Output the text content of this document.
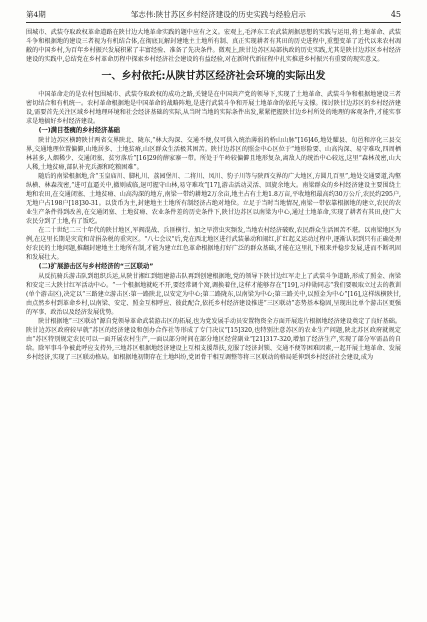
第4期	邹志伟:陕甘苏区乡村经济建设的历史实践与经验启示	45

围城市、武装夺取政权革命道路在陕甘边大地革命实践的题中应有之义。宏观上,毛泽东工农武装割据思想的实践与运用,将土地革命、武装斗争和根据地的建设三者视为有机结合体,在彻底瓦解封建地主土地所有制、真正实现耕者有其田的历史进程中,重塑变革了近代以来农村凋敝的中国乡村,为百年乡村振兴发展积累了丰富经验、准备了先决条件。微观上,陕甘边苏区局部执政的历史实践,尤其是陕甘边苏区乡村经济建设的实践中,总结党在乡村革命历程中探索乡村经济社会建设的有益经验,对在新时代新征程中扎实推进乡村振兴有重要的现实意义。

一、乡村依托:从陕甘苏区经济社会环境的实际出发

中国革命走的是农村包围城市、武装夺取政权的成功之路,关键是在中国共产党的领导下,实现了土地革命、武装斗争和根据地建设三者密切结合和有机统一。农村革命根据地是中国革命的战略阵地,是进行武装斗争和开展土地革命的依托与支撑。探讨陕甘边苏区的乡村经济建设,需要首先关注区域乡村地理环境和社会经济基础的实际,从当时当地的实际条件出发,紧紧把握陕甘边乡村所处的地理的客观条件,才能实事求是地搞好乡村经济建设。

(一)满目苍痍的乡村经济基础

陕甘边苏区横跨陕甘两省交界陕北、陇东,“林大沟深、交通不便,仅可供入统治薄弱的桥山山脉”[16]46,地处耀县、旬邑和淳化三县交界,交通地理位置偏僻,山地居多、土地贫瘠,山区群众生活极其困苦。陕甘边苏区的照金中心区位于“地形险要、山高沟深、易守难攻,四周栖林甚多,人烟稀少、交通闭塞、贫穷落后”[16]29的薛家寨一带。所处于午岭较偏僻且地形复杂,离敌人的统治中心较远,这里“森林茂密,山大人稀,土地贫瘠,部队补充兵源和吃粮困难”。

随后的南梁根据地,含“玉皇庙川、脚札川、荔园堡川、二将川、凤川、豹子川等与陕西交界的广大地区,方圆几百里”,地处交通要道,沟壑纵横、林森茂密,“进可直逼关中,撤则威临,退可握守山林,易守难攻”[17],游击活动灵活、回旋余地大。南梁群众的乡村经济建设主要围绕土地和农田,在交通闭塞、土地贫瘠、山高沟深的地方,南梁一带约耕地2万余亩,地主占有土地1.8万亩,平收地租最高约30万公斤,农民约295户,无地户占198户[18]30-31。以货币为主,封建地主土地所有制经济占绝对地位。立足于当时当地情况,南梁一带依靠根据地的建立,农民的农业生产条件得到改善,在交通闭塞、土地贫瘠、农业条件差的历史条件下,陕甘边苏区以南梁为中心,通过土地革命,实现了耕者有其田,使广大农民分到了土地,有了饭吃。

在二十世纪二三十年代的陕甘地区,军阀混战、兵匪横行、加之旱涝虫灾频发,当地农村经济破败,农民群众生活困苦不堪。以南梁地区为例,在这里长期是灾荒和苛捐杂税的重灾区。"八七会议"后,党在西北地区进行武装暴动和闹红,扩红起义运动过程中,逐渐认识到只有正确处理好农民的土地问题,推翻封建地主土地所有制,才能为建立红色革命根据地打好广泛的群众基础,才能在这里扎下根来并稳步发展,进而不断巩固和发展壮大。

(二)扩展游击区与乡村经济的“三区联动”

从反抗骑兵游击队到组织兵运,从陕甘湘红到组建游击队再到创建根据地,党的领导下陕甘边红军走上了武装斗争道路,形成了照金、南梁和安定三大陕甘红军活动中心。“一个根据地就屹不开,要经常调个窝,调换着住,这样才能够存在”[19],习仲勋同志“我们要吸取立过去的教训(单个游击区),决定以“三路建立游击区:第一路陕北,以安定为中心;第二路陇东,以南梁为中心;第三路关中,以照金为中心”[16],这样纵横陕甘,由点然乡村到革命乡村,以南梁、安定、照金互相呼应、彼此配合,依托乡村经济建设推进“三区联动”态势基本稳固,呈现出比单个游击区更强的军事、政治以及经济发展优势。

陕甘根据地“三区联动”源自党领导革命武装游击区的拓展,也为党发展手动员安置物资全方面开展连片根据地经济建设奠定了良好基础。陕甘边苏区政府较早就“苏区的经济建设和创办合作社等形成了专门决议”[15]320,也特别注意苏区的农业生产问题,陕北苏区政府就规定由“苏区特别规定农民可以一面开展农村生产,一面以部分时间在部分地区经营副业”[21]317-320,增加了经济生产,实现了部分军需品的自给。除军事斗争被此呼应支持外,三地苏区根据地经济建设上互相支援帮扶,克服了经济封锁、交通不便等困难因素,一起开展土地革命、发展乡村经济,实现了三区联动格局。如根据地初期存在土地纠纷,党团骨干相互调整等将三区联动的格局延伸到乡村经济社会建设,成为
